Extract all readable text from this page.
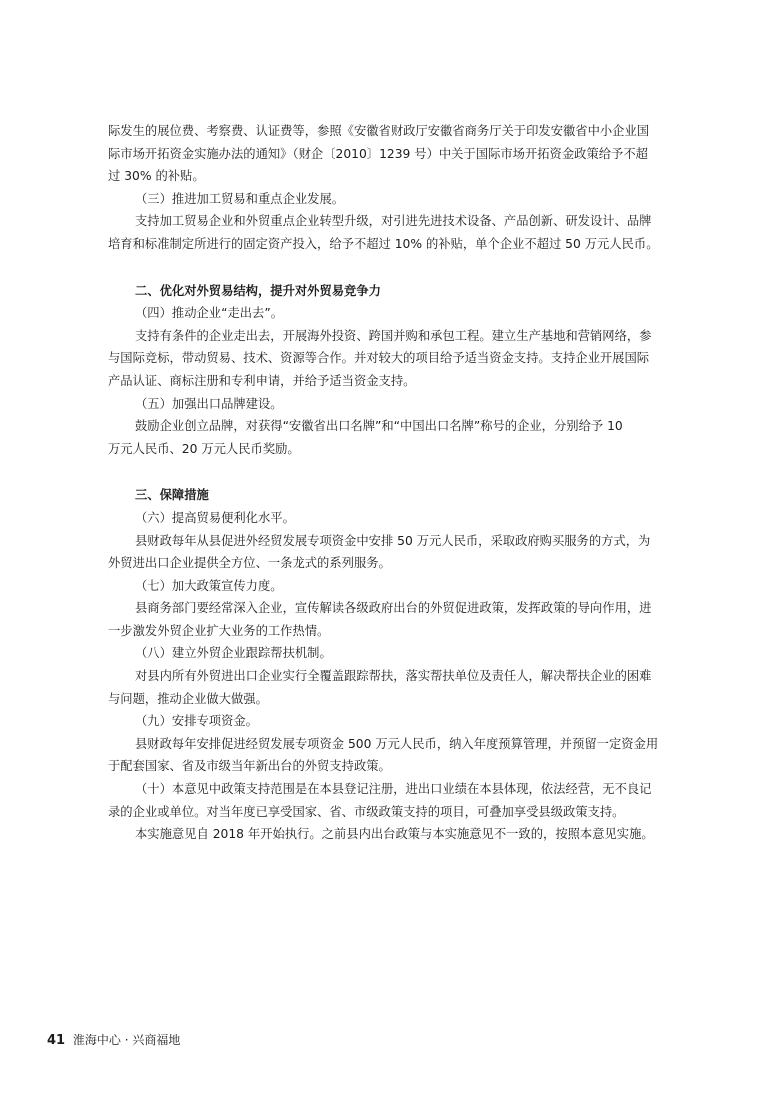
际发生的展位费、考察费、认证费等，参照《安徽省财政厅安徽省商务厅关于印发安徽省中小企业国
际市场开拓资金实施办法的通知》（财企〔2010〕1239 号）中关于国际市场开拓资金政策给予不超
过 30% 的补贴。
（三）推进加工贸易和重点企业发展。
支持加工贸易企业和外贸重点企业转型升级，对引进先进技术设备、产品创新、研发设计、品牌
培育和标准制定所进行的固定资产投入，给予不超过 10% 的补贴，单个企业不超过 50 万元人民币。
二、优化对外贸易结构，提升对外贸易竞争力
（四）推动企业“走出去”。
支持有条件的企业走出去，开展海外投资、跨国并购和承包工程。建立生产基地和营销网络，参
与国际竞标，带动贸易、技术、资源等合作。并对较大的项目给予适当资金支持。支持企业开展国际
产品认证、商标注册和专利申请，并给予适当资金支持。
（五）加强出口品牌建设。
鼓励企业创立品牌，对获得“安徽省出口名牌”和“中国出口名牌”称号的企业，分别给予 10
万元人民币、20 万元人民币奖励。
三、保障措施
（六）提高贸易便利化水平。
县财政每年从县促进外经贸发展专项资金中安排 50 万元人民币，采取政府购买服务的方式，为
外贸进出口企业提供全方位、一条龙式的系列服务。
（七）加大政策宣传力度。
县商务部门要经常深入企业，宣传解读各级政府出台的外贸促进政策，发挥政策的导向作用，进
一步激发外贸企业扩大业务的工作热情。
（八）建立外贸企业跟踪帮扶机制。
对县内所有外贸进出口企业实行全覆盖跟踪帮扶，落实帮扶单位及责任人，解决帮扶企业的困难
与问题，推动企业做大做强。
（九）安排专项资金。
县财政每年安排促进经贸发展专项资金 500 万元人民币，纳入年度预算管理，并预留一定资金用
于配套国家、省及市级当年新出台的外贸支持政策。
（十）本意见中政策支持范围是在本县登记注册，进出口业绩在本县体现，依法经营，无不良记
录的企业或单位。对当年度已享受国家、省、市级政策支持的项目，可叠加享受县级政策支持。
本实施意见自 2018 年开始执行。之前县内出台政策与本实施意见不一致的，按照本意见实施。
41 淮海中心 · 兴商福地
